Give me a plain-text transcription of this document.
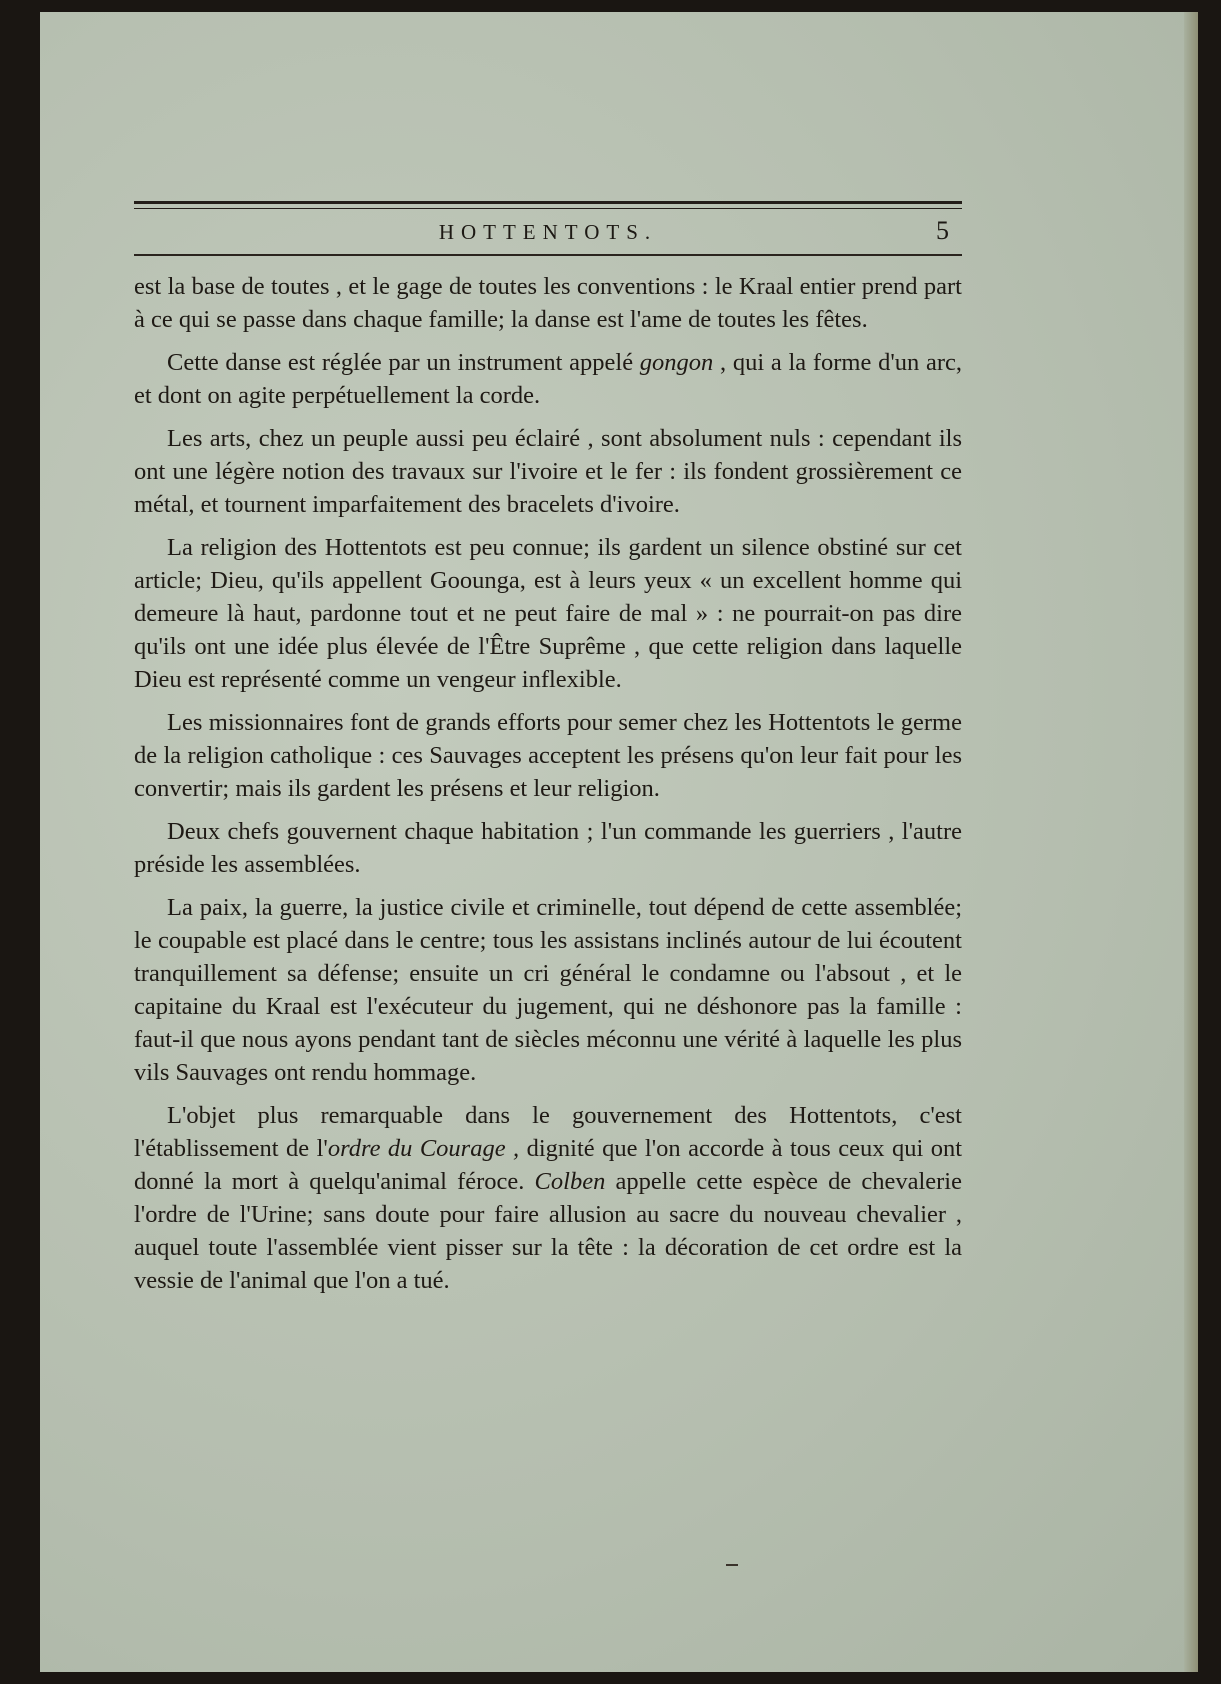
HOTTENTOTS.	5

est la base de toutes , et le gage de toutes les conventions : le Kraal entier prend part à ce qui se passe dans chaque famille; la danse est l'ame de toutes les fêtes.

Cette danse est réglée par un instrument appelé gongon , qui a la forme d'un arc, et dont on agite perpétuellement la corde.

Les arts, chez un peuple aussi peu éclairé , sont absolument nuls : cependant ils ont une légère notion des travaux sur l'ivoire et le fer : ils fondent grossièrement ce métal, et tournent imparfaitement des bracelets d'ivoire.

La religion des Hottentots est peu connue; ils gardent un silence obstiné sur cet article; Dieu, qu'ils appellent Goounga, est à leurs yeux « un excellent homme qui demeure là haut, pardonne tout et ne peut faire de mal » : ne pourrait-on pas dire qu'ils ont une idée plus élevée de l'Être Suprême , que cette religion dans laquelle Dieu est représenté comme un vengeur inflexible.

Les missionnaires font de grands efforts pour semer chez les Hottentots le germe de la religion catholique : ces Sauvages acceptent les présens qu'on leur fait pour les convertir; mais ils gardent les présens et leur religion.

Deux chefs gouvernent chaque habitation ; l'un commande les guerriers , l'autre préside les assemblées.

La paix, la guerre, la justice civile et criminelle, tout dépend de cette assemblée; le coupable est placé dans le centre; tous les assistans inclinés autour de lui écoutent tranquillement sa défense; ensuite un cri général le condamne ou l'absout , et le capitaine du Kraal est l'exécuteur du jugement, qui ne déshonore pas la famille : faut-il que nous ayons pendant tant de siècles méconnu une vérité à laquelle les plus vils Sauvages ont rendu hommage.

L'objet plus remarquable dans le gouvernement des Hottentots, c'est l'établissement de l'ordre du Courage , dignité que l'on accorde à tous ceux qui ont donné la mort à quelqu'animal féroce. Colben appelle cette espèce de chevalerie l'ordre de l'Urine; sans doute pour faire allusion au sacre du nouveau chevalier , auquel toute l'assemblée vient pisser sur la tête : la décoration de cet ordre est la vessie de l'animal que l'on a tué.
